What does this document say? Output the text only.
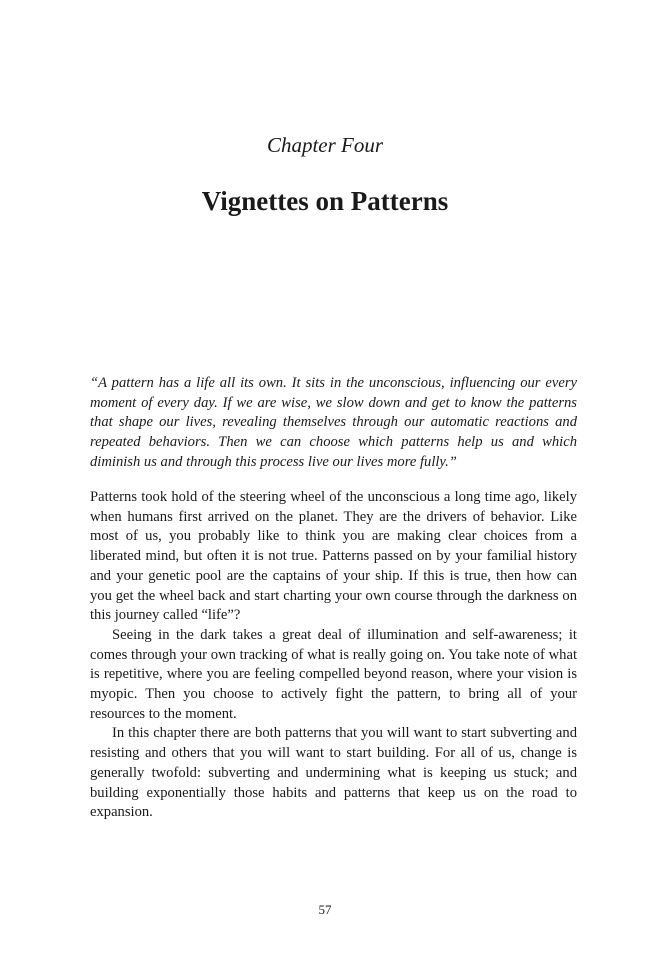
Chapter Four
Vignettes on Patterns
“A pattern has a life all its own. It sits in the unconscious, influencing our every moment of every day. If we are wise, we slow down and get to know the patterns that shape our lives, revealing themselves through our automatic reactions and repeated behaviors. Then we can choose which patterns help us and which diminish us and through this process live our lives more fully.”

Patterns took hold of the steering wheel of the unconscious a long time ago, likely when humans first arrived on the planet. They are the drivers of behavior. Like most of us, you probably like to think you are making clear choices from a liberated mind, but often it is not true. Patterns passed on by your familial history and your genetic pool are the captains of your ship. If this is true, then how can you get the wheel back and start charting your own course through the darkness on this journey called “life”?

Seeing in the dark takes a great deal of illumination and self-awareness; it comes through your own tracking of what is really going on. You take note of what is repetitive, where you are feeling compelled beyond reason, where your vision is myopic. Then you choose to actively fight the pattern, to bring all of your resources to the moment.

In this chapter there are both patterns that you will want to start subverting and resisting and others that you will want to start building. For all of us, change is generally twofold: subverting and undermining what is keeping us stuck; and building exponentially those habits and patterns that keep us on the road to expansion.

57
